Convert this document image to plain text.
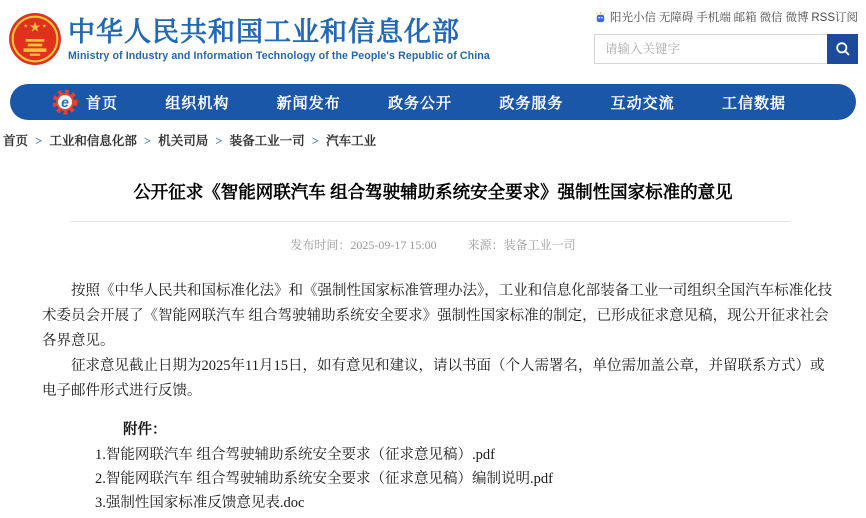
★
★	★ 中华人民共和国工业和信息化部
Ministry of Industry and Information Technology of the People's Republic of China
阳光小信 无障碍 手机端 邮箱 微信 微博 RSS订阅
请输入关键字
e 首页	组织机构	新闻发布	政务公开	政务服务	互动交流	工信数据
首页 > 工业和信息化部 > 机关司局 > 装备工业一司 > 汽车工业
公开征求《智能网联汽车 组合驾驶辅助系统安全要求》强制性国家标准的意见
发布时间：2025-09-17 15:00	来源：装备工业一司

按照《中华人民共和国标准化法》和《强制性国家标准管理办法》，工业和信息化部装备工业一司组织全国汽车标准化技术委员会开展了《智能网联汽车 组合驾驶辅助系统安全要求》强制性国家标准的制定，已形成征求意见稿，现公开征求社会各界意见。

征求意见截止日期为2025年11月15日，如有意见和建议，请以书面（个人需署名，单位需加盖公章，并留联系方式）或电子邮件形式进行反馈。

附件：
1.智能网联汽车 组合驾驶辅助系统安全要求（征求意见稿）.pdf
2.智能网联汽车 组合驾驶辅助系统安全要求（征求意见稿）编制说明.pdf
3.强制性国家标准反馈意见表.doc
